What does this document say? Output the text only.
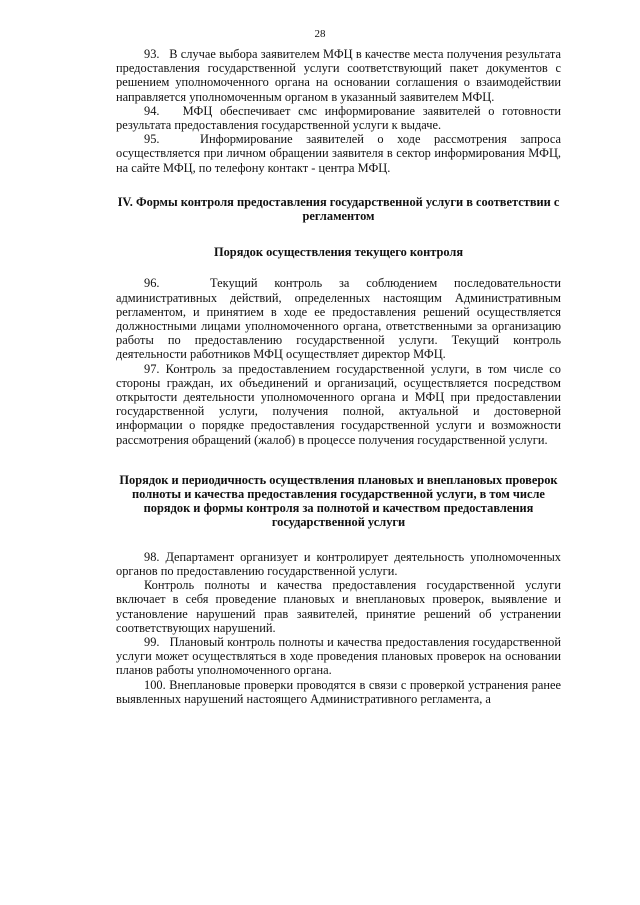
28

93.   В случае выбора заявителем МФЦ в качестве места получения результата предоставления государственной услуги соответствующий пакет документов с решением уполномоченного органа на основании соглашения о взаимодействии направляется уполномоченным органом в указанный заявителем МФЦ.

94.   МФЦ обеспечивает смс информирование заявителей о готовности результата предоставления государственной услуги к выдаче.

95.   Информирование заявителей о ходе рассмотрения запроса осуществляется при личном обращении заявителя в сектор информирования МФЦ, на сайте МФЦ, по телефону контакт - центра МФЦ.

IV. Формы контроля предоставления государственной услуги в соответствии с регламентом
Порядок осуществления текущего контроля

96.   Текущий контроль за соблюдением последовательности административных действий, определенных настоящим Административным регламентом, и принятием в ходе ее предоставления решений осуществляется должностными лицами уполномоченного органа, ответственными за организацию работы по предоставлению государственной услуги. Текущий контроль деятельности работников МФЦ осуществляет директор МФЦ.

97. Контроль за предоставлением государственной услуги, в том числе со стороны граждан, их объединений и организаций, осуществляется посредством открытости деятельности уполномоченного органа и МФЦ при предоставлении государственной услуги, получения полной, актуальной и достоверной информации о порядке предоставления государственной услуги и возможности рассмотрения обращений (жалоб) в процессе получения государственной услуги.

Порядок и периодичность осуществления плановых и внеплановых проверок полноты и качества предоставления государственной услуги, в том числе порядок и формы контроля за полнотой и качеством предоставления государственной услуги

98. Департамент организует и контролирует деятельность уполномоченных органов по предоставлению государственной услуги.

Контроль полноты и качества предоставления государственной услуги включает в себя проведение плановых и внеплановых проверок, выявление и установление нарушений прав заявителей, принятие решений об устранении соответствующих нарушений.

99.   Плановый контроль полноты и качества предоставления государственной услуги может осуществляться в ходе проведения плановых проверок на основании планов работы уполномоченного органа.

100. Внеплановые проверки проводятся в связи с проверкой устранения ранее выявленных нарушений настоящего Административного регламента, а
